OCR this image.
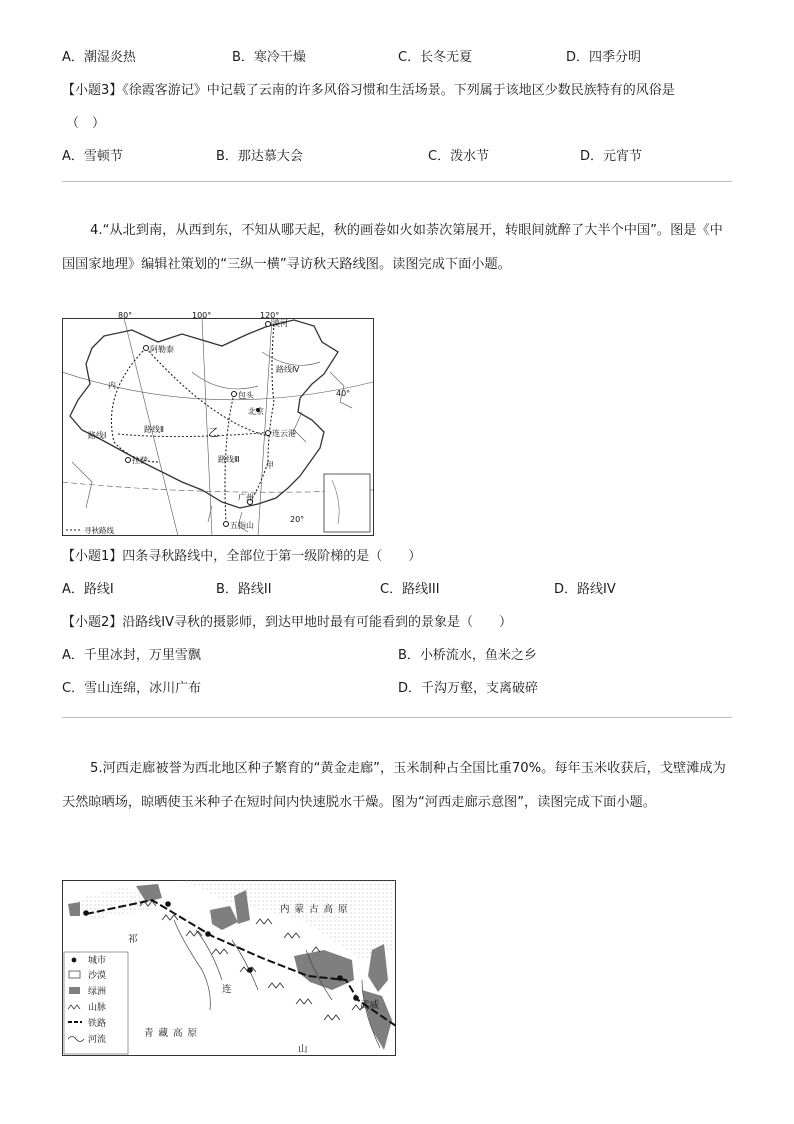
A．潮湿炎热	B．寒冷干燥	C．长冬无夏	D．四季分明
【小题3】《徐霞客游记》中记载了云南的许多风俗习惯和生活场景。下列属于该地区少数民族特有的风俗是
（　）
A．雪顿节	B．那达慕大会	C．泼水节	D．元宵节
4.“从北到南，从西到东，不知从哪天起，秋的画卷如火如荼次第展开，转眼间就醉了大半个中国”。图是《中国国家地理》编辑社策划的“三纵一横”寻访秋天路线图。读图完成下面小题。
80°	100°	120°
40°
20°
漠河
阿勒泰
包头
北京
连云港
拉萨
广州
五指山
路线Ⅰ
路线Ⅱ
路线Ⅲ
路线Ⅳ
内
甲
乙
寻秋路线
【小题1】四条寻秋路线中，全部位于第一级阶梯的是（　　）
A．路线I	B．路线II	C．路线III	D．路线IV
【小题2】沿路线IV寻秋的摄影师，到达甲地时最有可能看到的景象是（　　）
A．千里冰封，万里雪飘	B．小桥流水，鱼米之乡
C．雪山连绵，冰川广布	D．千沟万壑，支离破碎
5.河西走廊被誉为西北地区种子繁育的“黄金走廊”，玉米制种占全国比重70%。每年玉米收获后，戈壁滩成为天然晾晒场，晾晒使玉米种子在短时间内快速脱水干燥。图为“河西走廊示意图”，读图完成下面小题。
内 蒙 古 高 原
青 藏 高 原
祁
连
山
武威
城市
沙漠
绿洲
山脉
铁路
河流
